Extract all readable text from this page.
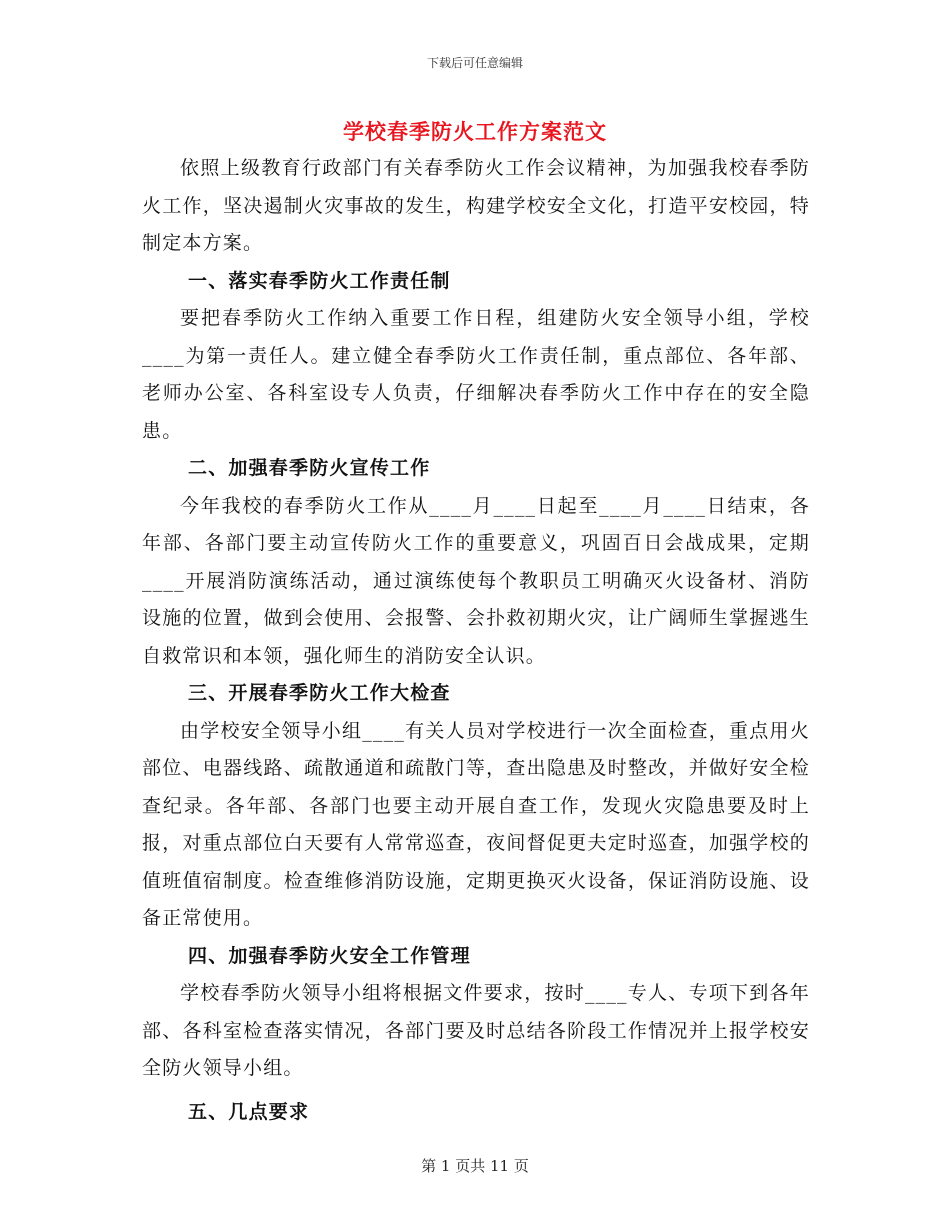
下载后可任意编辑
学校春季防火工作方案范文

依照上级教育行政部门有关春季防火工作会议精神，为加强我校春季防火工作，坚决遏制火灾事故的发生，构建学校安全文化，打造平安校园，特制定本方案。

一、落实春季防火工作责任制

要把春季防火工作纳入重要工作日程，组建防火安全领导小组，学校____为第一责任人。建立健全春季防火工作责任制，重点部位、各年部、老师办公室、各科室设专人负责，仔细解决春季防火工作中存在的安全隐患。

二、加强春季防火宣传工作

今年我校的春季防火工作从____月____日起至____月____日结束，各年部、各部门要主动宣传防火工作的重要意义，巩固百日会战成果，定期____开展消防演练活动，通过演练使每个教职员工明确灭火设备材、消防设施的位置，做到会使用、会报警、会扑救初期火灾，让广阔师生掌握逃生自救常识和本领，强化师生的消防安全认识。

三、开展春季防火工作大检查

由学校安全领导小组____有关人员对学校进行一次全面检查，重点用火部位、电器线路、疏散通道和疏散门等，查出隐患及时整改，并做好安全检查纪录。各年部、各部门也要主动开展自查工作，发现火灾隐患要及时上报，对重点部位白天要有人常常巡查，夜间督促更夫定时巡查，加强学校的值班值宿制度。检查维修消防设施，定期更换灭火设备，保证消防设施、设备正常使用。

四、加强春季防火安全工作管理

学校春季防火领导小组将根据文件要求，按时____专人、专项下到各年部、各科室检查落实情况，各部门要及时总结各阶段工作情况并上报学校安全防火领导小组。

五、几点要求

第 1 页共 11 页
